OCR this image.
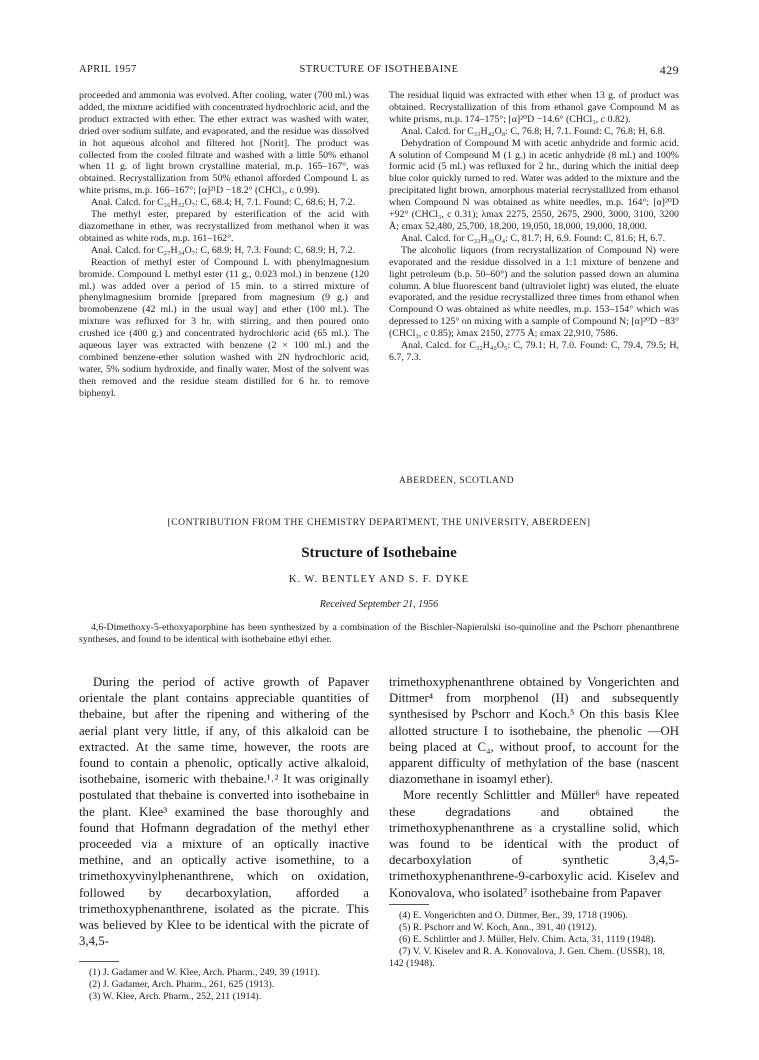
APRIL 1957	STRUCTURE OF ISOTHEBAINE	429

proceeded and ammonia was evolved. After cooling, water (700 ml.) was added, the mixture acidified with concentrated hydrochloric acid, and the product extracted with ether. The ether extract was washed with water, dried over sodium sulfate, and evaporated, and the residue was dissolved in hot aqueous alcohol and filtered hot [Norit]. The product was collected from the cooled filtrate and washed with a little 50% ethanol when 11 g. of light brown crystalline material, m.p. 165–167°, was obtained. Recrystallization from 50% ethanol afforded Compound L as white prisms, m.p. 166–167°; [α]²¹D −18.2° (CHCl₃, c 0.99).

Anal. Calcd. for C₂₆H₃₂O₇: C, 68.4; H, 7.1. Found: C, 68.6; H, 7.2.

The methyl ester, prepared by esterification of the acid with diazomethane in ether, was recrystallized from methanol when it was obtained as white rods, m.p. 161–162°.

Anal. Calcd. for C₂₇H₃₄O₇: C, 68.9; H, 7.3. Found: C, 68.9; H, 7.2.

Reaction of methyl ester of Compound L with phenylmagnesium bromide. Compound L methyl ester (11 g., 0.023 mol.) in benzene (120 ml.) was added over a period of 15 min. to a stirred mixture of phenylmagnesium bromide [prepared from magnesium (9 g.) and bromobenzene (42 ml.) in the usual way] and ether (100 ml.). The mixture was refluxed for 3 hr. with stirring, and then poured onto crushed ice (400 g.) and concentrated hydrochloric acid (65 ml.). The aqueous layer was extracted with benzene (2 × 100 ml.) and the combined benzene-ether solution washed with 2N hydrochloric acid, water, 5% sodium hydroxide, and finally water. Most of the solvent was then removed and the residue steam distilled for 6 hr. to remove biphenyl.

The residual liquid was extracted with ether when 13 g. of product was obtained. Recrystallization of this from ethanol gave Compound M as white prisms, m.p. 174–175°; [α]²⁰D −14.6° (CHCl₃, c 0.82).

Anal. Calcd. for C₃₃H₄₂O₈: C, 76.8; H, 7.1. Found: C, 76.8; H, 6.8.

Dehydration of Compound M with acetic anhydride and formic acid. A solution of Compound M (1 g.) in acetic anhydride (8 ml.) and 100% formic acid (5 ml.) was refluxed for 2 hr., during which the initial deep blue color quickly turned to red. Water was added to the mixture and the precipitated light brown, amorphous material recrystallized from ethanol when Compound N was obtained as white needles, m.p. 164°; [α]²⁰D +92° (CHCl₃, c 0.31); λmax 2275, 2550, 2675, 2900, 3000, 3100, 3200 Å; εmax 52,480, 25,700, 18,200, 19,050, 18,000, 19,000, 18,000.

Anal. Calcd. for C₃₃H₃₆O₄: C, 81.7; H, 6.9. Found: C, 81.6; H, 6.7.

The alcoholic liquors (from recrystallization of Compound N) were evaporated and the residue dissolved in a 1:1 mixture of benzene and light petroleum (b.p. 50–60°) and the solution passed down an alumina column. A blue fluorescent band (ultraviolet light) was eluted, the eluate evaporated, and the residue recrystallized three times from ethanol when Compound O was obtained as white needles, m.p. 153–154° which was depressed to 125° on mixing with a sample of Compound N; [α]²⁰D −83° (CHCl₃, c 0.85); λmax 2150, 2775 Å; εmax 22,910, 7586.

Anal. Calcd. for C₃₂H₄₀O₅: C, 79.1; H, 7.0. Found: C, 79.4, 79.5; H, 6.7, 7.3.

ABERDEEN, SCOTLAND
[CONTRIBUTION FROM THE CHEMISTRY DEPARTMENT, THE UNIVERSITY, ABERDEEN]
Structure of Isothebaine
K. W. BENTLEY AND S. F. DYKE
Received September 21, 1956
4,6-Dimethoxy-5-ethoxyaporphine has been synthesized by a combination of the Bischler-Napieralski iso-quinoline and the Pschorr phenanthrene syntheses, and found to be identical with isothebaine ethyl ether.

During the period of active growth of Papaver orientale the plant contains appreciable quantities of thebaine, but after the ripening and withering of the aerial plant very little, if any, of this alkaloid can be extracted. At the same time, however, the roots are found to contain a phenolic, optically active alkaloid, isothebaine, isomeric with thebaine.¹˒² It was originally postulated that thebaine is converted into isothebaine in the plant. Klee³ examined the base thoroughly and found that Hofmann degradation of the methyl ether proceeded via a mixture of an optically inactive methine, and an optically active isomethine, to a trimethoxyvinylphenanthrene, which on oxidation, followed by decarboxylation, afforded a trimethoxyphenanthrene, isolated as the picrate. This was believed by Klee to be identical with the picrate of 3,4,5-

trimethoxyphenanthrene obtained by Vongerichten and Dittmer⁴ from morphenol (II) and subsequently synthesised by Pschorr and Koch.⁵ On this basis Klee allotted structure I to isothebaine, the phenolic —OH being placed at C₄, without proof, to account for the apparent difficulty of methylation of the base (nascent diazomethane in isoamyl ether).

More recently Schlittler and Müller⁶ have repeated these degradations and obtained the trimethoxyphenanthrene as a crystalline solid, which was found to be identical with the product of decarboxylation of synthetic 3,4,5-trimethoxyphenanthrene-9-carboxylic acid. Kiselev and Konovalova, who isolated⁷ isothebaine from Papaver

(1) J. Gadamer and W. Klee, Arch. Pharm., 249, 39 (1911).
(2) J. Gadamer, Arch. Pharm., 261, 625 (1913).
(3) W. Klee, Arch. Pharm., 252, 211 (1914).
(4) E. Vongerichten and O. Dittmer, Ber., 39, 1718 (1906).
(5) R. Pschorr and W. Koch, Ann., 391, 40 (1912).
(6) E. Schlittler and J. Müller, Helv. Chim. Acta, 31, 1119 (1948).
(7) V. V. Kiselev and R. A. Konovalova, J. Gen. Chem. (USSR), 18, 142 (1948).
